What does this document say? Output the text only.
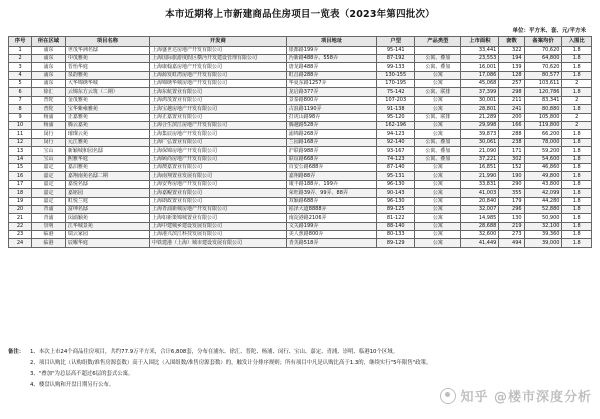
本市近期将上市新建商品住房项目一览表（2023年第四批次）
单位：平方米、套、元/平方米
序号	所在区域	项目名称	开发商	项目地址	户型	产品类型	上市面积	套数	备案均价	入围比
1	浦东	世茂华洲名邸	上海盛世达房地产开发有限公司	银都路199弄	95-141		33,441	322	70,620	1.8
2	浦东	中茂雅苑	上海国际旅游度假区横沔开发建设管理有限公司	沔新路488弄、558弄	87-192	公寓、叠加	23,553	194	64,800	1.8
3	浦东	晋怡华庭	上海康翰嘉房地产开发有限公司	唐龙路488弄	99-133	公寓、叠加	16,001	139	70,620	1.8
4	浦东	泉韵雅苑	上海源发虹湾房地产开发有限公司	虹昌路288弄	130-155	公寓	17,086	128	80,577	1.8
5	浦东	大华锦绣华城	上海锦绣华城房地产开发有限公司	华夏东路1257弄	170-195	公寓	45,068	257	103,611	2
6	徐汇	云锦东方云筑（二期）	上海东航置业有限公司	龙启路377弄	75-142	公寓、联排	37,399	298	120,786	1.8
7	普陀	金茂雅苑	上海鸿茂置业有限公司	景泰路800弄	107-203	公寓	30,001	211	83,341	2
8	普陀	宝华紫雍雅苑	上海宝越房地产开发有限公司	古浪路1190弄	91-138	公寓	28,801	241	80,880	1.8
9	杨浦	正嘉雅苑	上海正嘉置业有限公司	打虎山路98弄	95-120	公寓、联排	21,289	200	105,800	2
10	杨浦	腾云嘉苑	上海合生滨江房地产开发有限公司	腾越路528弄	162-196	公寓	29,998	166	119,800	2
11	闵行	璀璨云苑	上海集辰房地产开发有限公司	浦锦路268弄	94-123	公寓	39,873	288	66,200	1.8
12	闵行	元江雅苑	上海广弘置业有限公司	兰园路168弄	92-140	公寓、叠加	30,061	238	78,000	1.8
13	宝山	新颖城和园名邸	上海保锦房地产开发有限公司	沪联路988弄	93-167	公寓、叠加	21,090	171	59,200	1.8
14	宝山	熙雅华庭	上海顾尚房地产开发有限公司	联谊路668弄	74-123	公寓、叠加	37,221	302	54,600	1.8
15	嘉定	嘉泊雅苑	上海澳嘉置业有限公司	百安公路688弄	87-140	公寓	16,851	152	46,860	1.8
16	嘉定	嘉翔南苑名邸二期	上海南翔置业发展有限公司	嘉翔路88弄	95-131	公寓	21,990	190	49,800	1.8
17	嘉定	嘉悦名邸	上海安秀房地产开发有限公司	康丰路188弄、199弄	96-130	公寓	33,831	290	43,800	1.8
18	嘉定	嘉铭园	上海嘉鲲置业有限公司	荣旺路39弄、99弄、88弄	90-143	公寓	41,003	355	42,099	1.8
19	嘉定	虹悦兰庭	上海朗政置业有限公司	双颖路688弄	96-130	公寓	20,840	179	44,280	1.8
20	青浦	富绅名邸	上海青浦新城房地产开发有限公司	崧泽大道8888弄	89-125	公寓	32,007	296	52,880	1.8
21	青浦	闵浦颖苑	上海如新策锦城置业有限公司	南淀港路2106弄	81-122	公寓	14,985	130	50,900	1.8
22	崇明	江华城景苑	上海中建城乡建设发展有限公司	文关路199弄	88-140	公寓	28,688	219	32,100	1.8
23	临港	瑞云家园	上海港兴滨江科技发展有限公司	美人蕉路800弄	80-133	公寓	32,600	273	39,360	1.8
24	临港	辰曜华庭	中铁建港（上海）城市建设发展有限公司	青芙路518弄	89-129	公寓	41,449	494	39,000	1.8
备注： 1、本次上市24个商品住房项目，共约77.9万平方米，合计6,808套，分布在浦东、徐汇、普陀、杨浦、闵行、宝山、嘉定、青浦、崇明、临港10个区域。
2、项目认购比（认购组数/准售房源套数）高于入围比（入围组数/准售房源套数）的，触发计分排序规则；所有项目中凡是认购比高于1.3的，继续实行"5年限售"政策。
3、"叠加"为总层高不超过6层的套式公寓。
4、楼盘认购和开盘日期另行公布。
知乎 @楼市深度分析
